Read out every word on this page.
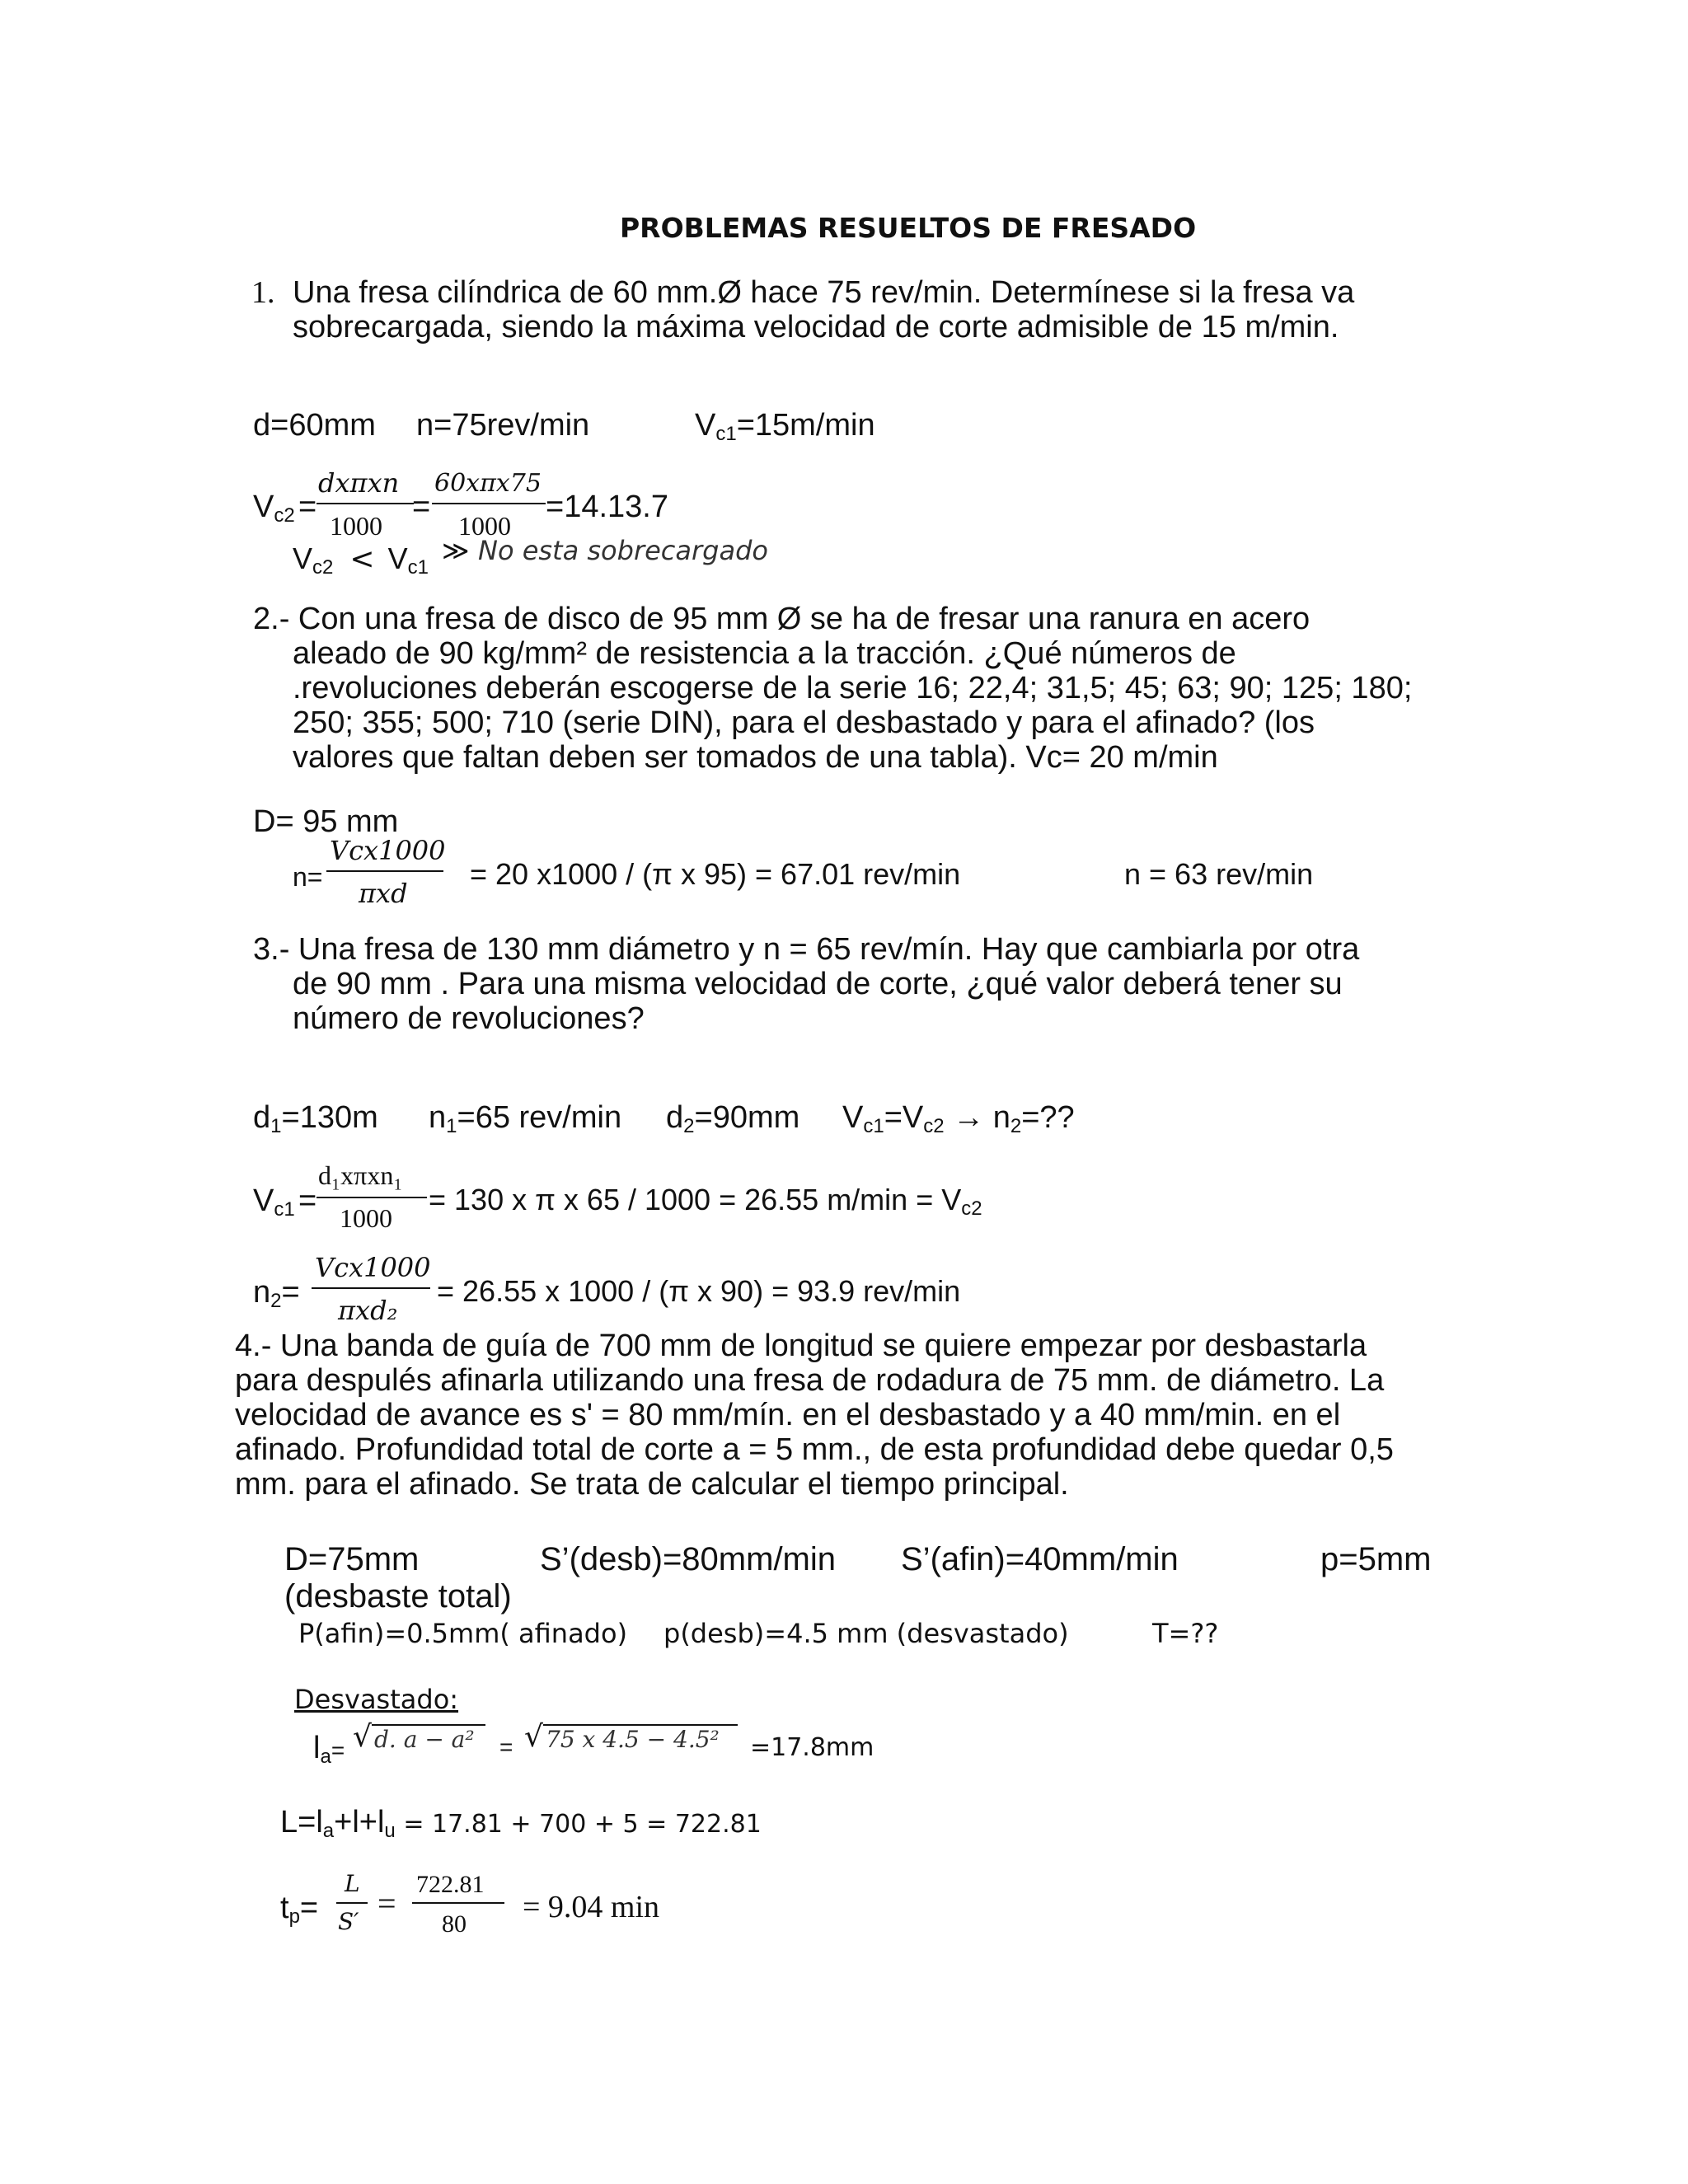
PROBLEMAS RESUELTOS DE FRESADO
1. Una fresa cilíndrica de 60 mm.Ø hace 75 rev/min. Determínese si la fresa va
sobrecargada, siendo la máxima velocidad de corte admisible de 15 m/min.
d=60mm n=75rev/min	Vc1=15m/min
Vc2 =
dxπxn
1000
=
60xπx75
1000
=14.13.7
Vc2 < Vc1
≫ No esta sobrecargado
2.- Con una fresa de disco de 95 mm Ø se ha de fresar una ranura en acero
aleado de 90 kg/mm² de resistencia a la tracción. ¿Qué números de
.revoluciones deberán escogerse de la serie 16; 22,4; 31,5; 45; 63; 90; 125; 180;
250; 355; 500; 710 (serie DIN), para el desbastado y para el afinado? (los
valores que faltan deben ser tomados de una tabla). Vc= 20 m/min
D= 95 mm
n=
Vcx1000
πxd
= 20 x1000 / (π x 95) = 67.01 rev/min	n = 63 rev/min
3.- Una fresa de 130 mm diámetro y n = 65 rev/mín. Hay que cambiarla por otra
de 90 mm . Para una misma velocidad de corte, ¿qué valor deberá tener su
número de revoluciones?
d1=130m n1=65 rev/min d2=90mm Vc1=Vc2 → n2=??
Vc1 =
d₁xπxn₁
1000
= 130 x π x 65 / 1000 = 26.55 m/min = Vc2
n2=
Vcx1000
πxd₂
= 26.55 x 1000 / (π x 90) = 93.9 rev/min
4.- Una banda de guía de 700 mm de longitud se quiere empezar por desbastarla
para despulés afinarla utilizando una fresa de rodadura de 75 mm. de diámetro. La
velocidad de avance es s' = 80 mm/mín. en el desbastado y a 40 mm/min. en el
afinado. Profundidad total de corte a = 5 mm., de esta profundidad debe quedar 0,5
mm. para el afinado. Se trata de calcular el tiempo principal.
D=75mm	S’(desb)=80mm/min S’(afin)=40mm/min	p=5mm
(desbaste total)
P(afin)=0.5mm( afinado) p(desb)=4.5 mm (desvastado)	T=??
Desvastado:
la= √ d. a − a² = √ 75 x 4.5 − 4.5² =17.8mm
L=la+l+lu = 17.81 + 700 + 5 = 722.81
tp=
L
S′ =
722.81
80 = 9.04 min
